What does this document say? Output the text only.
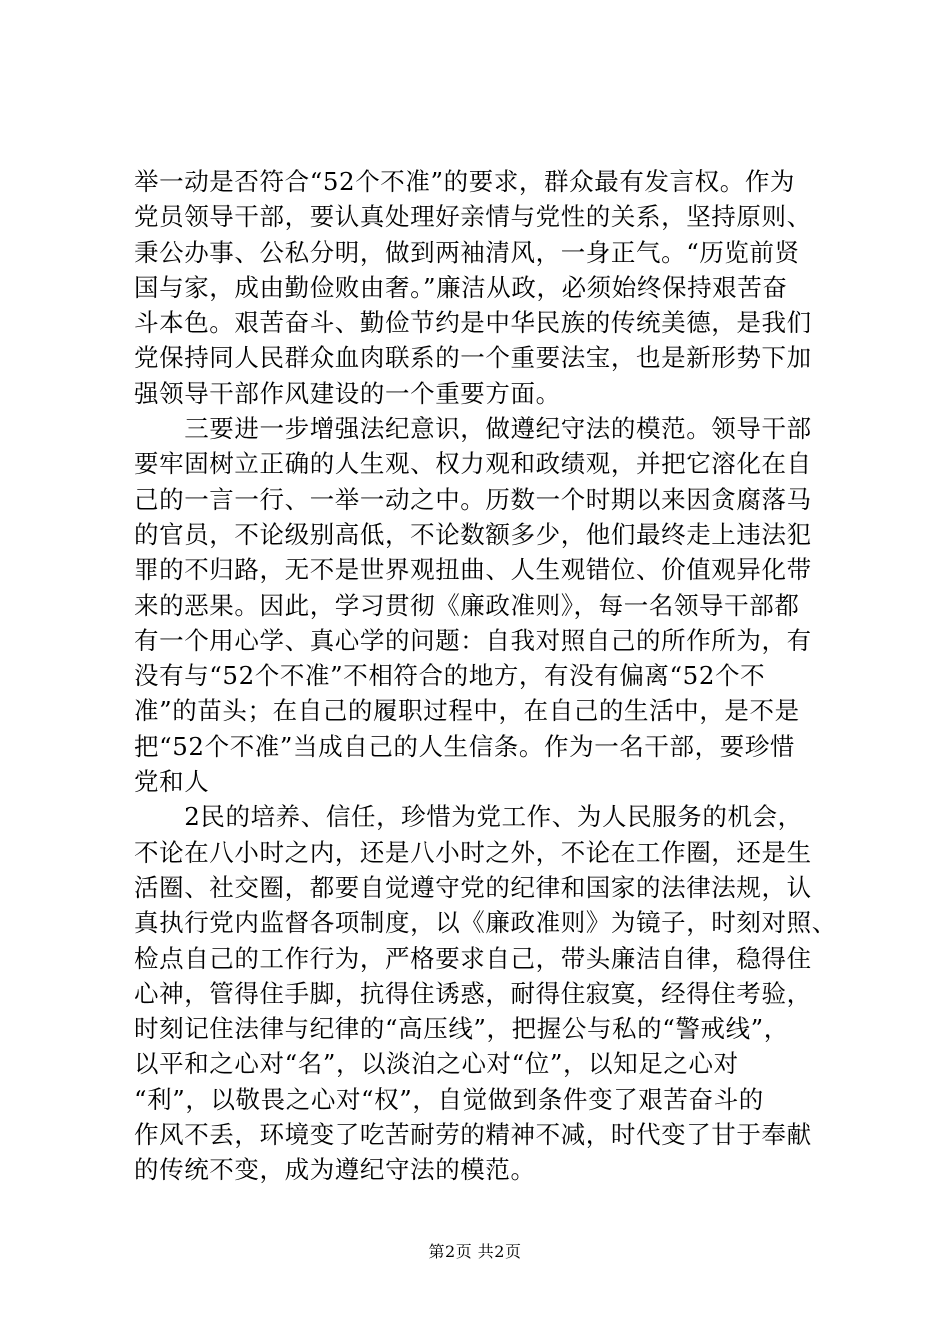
举一动是否符合“52个不准”的要求，群众最有发言权。作为
党员领导干部，要认真处理好亲情与党性的关系，坚持原则、
秉公办事、公私分明，做到两袖清风，一身正气。“历览前贤
国与家，成由勤俭败由奢。”廉洁从政，必须始终保持艰苦奋
斗本色。艰苦奋斗、勤俭节约是中华民族的传统美德，是我们
党保持同人民群众血肉联系的一个重要法宝，也是新形势下加
强领导干部作风建设的一个重要方面。
　　三要进一步增强法纪意识，做遵纪守法的模范。领导干部
要牢固树立正确的人生观、权力观和政绩观，并把它溶化在自
己的一言一行、一举一动之中。历数一个时期以来因贪腐落马
的官员，不论级别高低，不论数额多少，他们最终走上违法犯
罪的不归路，无不是世界观扭曲、人生观错位、价值观异化带
来的恶果。因此，学习贯彻《廉政准则》，每一名领导干部都
有一个用心学、真心学的问题：自我对照自己的所作所为，有
没有与“52个不准”不相符合的地方，有没有偏离“52个不
准”的苗头；在自己的履职过程中，在自己的生活中，是不是
把“52个不准”当成自己的人生信条。作为一名干部，要珍惜
党和人
　　2民的培养、信任，珍惜为党工作、为人民服务的机会，
不论在八小时之内，还是八小时之外，不论在工作圈，还是生
活圈、社交圈，都要自觉遵守党的纪律和国家的法律法规，认
真执行党内监督各项制度，以《廉政准则》为镜子，时刻对照、
检点自己的工作行为，严格要求自己，带头廉洁自律，稳得住
心神，管得住手脚，抗得住诱惑，耐得住寂寞，经得住考验，
时刻记住法律与纪律的“高压线”，把握公与私的“警戒线”，
以平和之心对“名”，以淡泊之心对“位”，以知足之心对
“利”，以敬畏之心对“权”，自觉做到条件变了艰苦奋斗的
作风不丢，环境变了吃苦耐劳的精神不减，时代变了甘于奉献
的传统不变，成为遵纪守法的模范。
第2页 共2页
